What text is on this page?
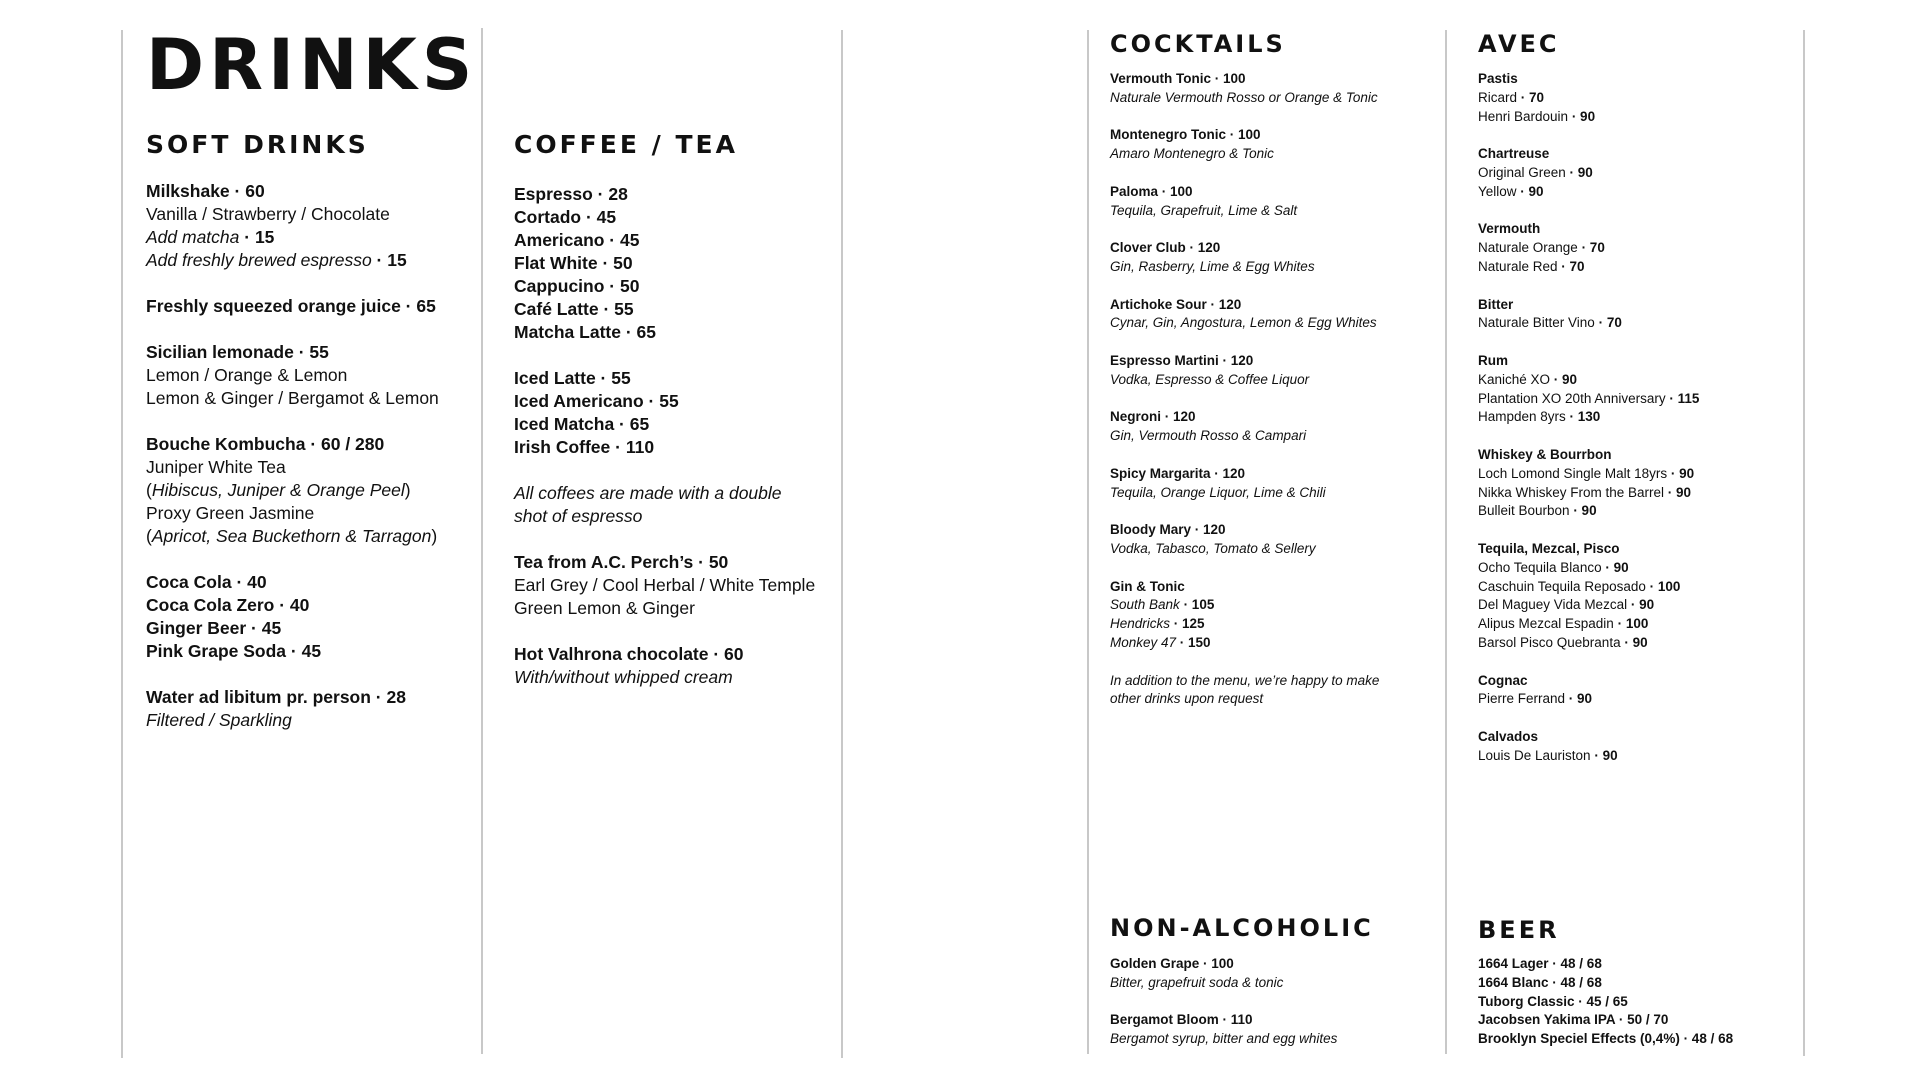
DRINKS
SOFT DRINKS
Milkshake · 60
Vanilla / Strawberry / Chocolate
Add matcha · 15
Add freshly brewed espresso · 15
Freshly squeezed orange juice · 65
Sicilian lemonade · 55
Lemon / Orange & Lemon
Lemon & Ginger / Bergamot & Lemon
Bouche Kombucha · 60 / 280
Juniper White Tea
(Hibiscus, Juniper & Orange Peel)
Proxy Green Jasmine
(Apricot, Sea Buckethorn & Tarragon)
Coca Cola · 40
Coca Cola Zero · 40
Ginger Beer · 45
Pink Grape Soda · 45
Water ad libitum pr. person · 28
Filtered / Sparkling
COFFEE / TEA
Espresso · 28
Cortado · 45
Americano · 45
Flat White · 50
Cappucino · 50
Café Latte · 55
Matcha Latte · 65
Iced Latte · 55
Iced Americano · 55
Iced Matcha · 65
Irish Coffee · 110
All coffees are made with a double
shot of espresso
Tea from A.C. Perch’s · 50
Earl Grey / Cool Herbal / White Temple
Green Lemon & Ginger
Hot Valhrona chocolate · 60
With/without whipped cream
COCKTAILS
Vermouth Tonic · 100
Naturale Vermouth Rosso or Orange & Tonic
Montenegro Tonic · 100
Amaro Montenegro & Tonic
Paloma · 100
Tequila, Grapefruit, Lime & Salt
Clover Club · 120
Gin, Rasberry, Lime & Egg Whites
Artichoke Sour · 120
Cynar, Gin, Angostura, Lemon & Egg Whites
Espresso Martini · 120
Vodka, Espresso & Coffee Liquor
Negroni · 120
Gin, Vermouth Rosso & Campari
Spicy Margarita · 120
Tequila, Orange Liquor, Lime & Chili
Bloody Mary · 120
Vodka, Tabasco, Tomato & Sellery
Gin & Tonic
South Bank · 105
Hendricks · 125
Monkey 47 · 150
In addition to the menu, we’re happy to make
other drinks upon request
NON-ALCOHOLIC
Golden Grape · 100
Bitter, grapefruit soda & tonic
Bergamot Bloom · 110
Bergamot syrup, bitter and egg whites
AVEC
Pastis
Ricard · 70
Henri Bardouin · 90
Chartreuse
Original Green · 90
Yellow · 90
Vermouth
Naturale Orange · 70
Naturale Red · 70
Bitter
Naturale Bitter Vino · 70
Rum
Kaniché XO · 90
Plantation XO 20th Anniversary · 115
Hampden 8yrs · 130
Whiskey & Bourrbon
Loch Lomond Single Malt 18yrs · 90
Nikka Whiskey From the Barrel · 90
Bulleit Bourbon · 90
Tequila, Mezcal, Pisco
Ocho Tequila Blanco · 90
Caschuin Tequila Reposado · 100
Del Maguey Vida Mezcal · 90
Alipus Mezcal Espadin · 100
Barsol Pisco Quebranta · 90
Cognac
Pierre Ferrand · 90
Calvados
Louis De Lauriston · 90
BEER
1664 Lager · 48 / 68
1664 Blanc · 48 / 68
Tuborg Classic · 45 / 65
Jacobsen Yakima IPA · 50 / 70
Brooklyn Speciel Effects (0,4%) · 48 / 68
